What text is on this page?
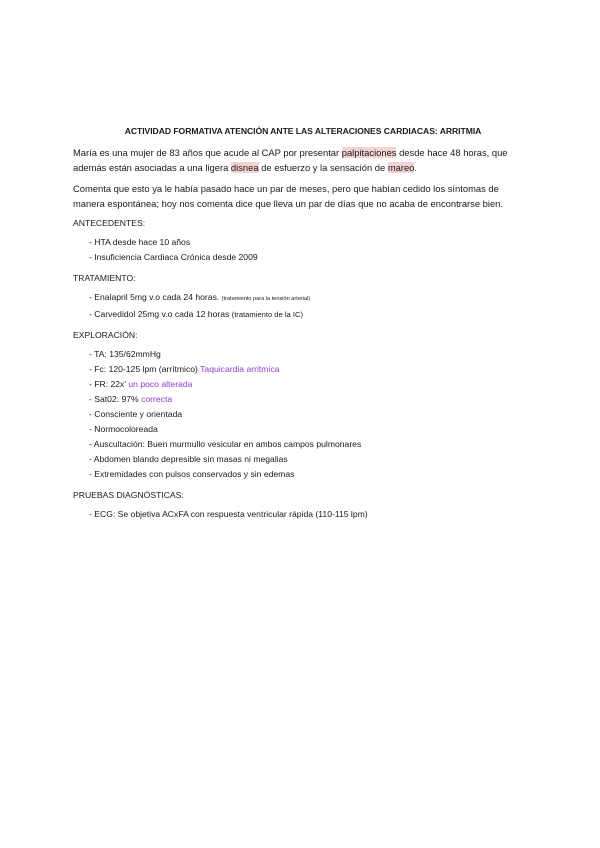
ACTIVIDAD FORMATIVA ATENCIÓN ANTE LAS ALTERACIONES CARDIACAS: ARRITMIA

María es una mujer de 83 años que acude al CAP por presentar palpitaciones desde hace 48 horas, que además están asociadas a una ligera disnea de esfuerzo y la sensación de mareo.

Comenta que esto ya le había pasado hace un par de meses, pero que habían cedido los síntomas de manera espontánea; hoy nos comenta dice que lleva un par de días que no acaba de encontrarse bien.

ANTECEDENTES:
- HTA desde hace 10 años
- Insuficiencia Cardiaca Crónica desde 2009
TRATAMIENTO:
- Enalapril 5mg v.o cada 24 horas. (tratamiento para la tensión arterial)
- Carvedidol 25mg v.o cada 12 horas (tratamiento de la IC)
EXPLORACIÓN:
- TA: 135/62mmHg
- Fc: 120-125 lpm (arrítmico) Taquicardia arritmica
- FR: 22x' un poco alterada
- Sat02: 97% correcta
- Consciente y orientada
- Normocoloreada
- Auscultación: Buen murmullo vesicular en ambos campos pulmonares
- Abdomen blando depresible sin masas ni megalias
- Extremidades con pulsos conservados y sin edemas
PRUEBAS DIAGNÓSTICAS:
- ECG: Se objetiva ACxFA con respuesta ventricular rápida (110-115 lpm)
